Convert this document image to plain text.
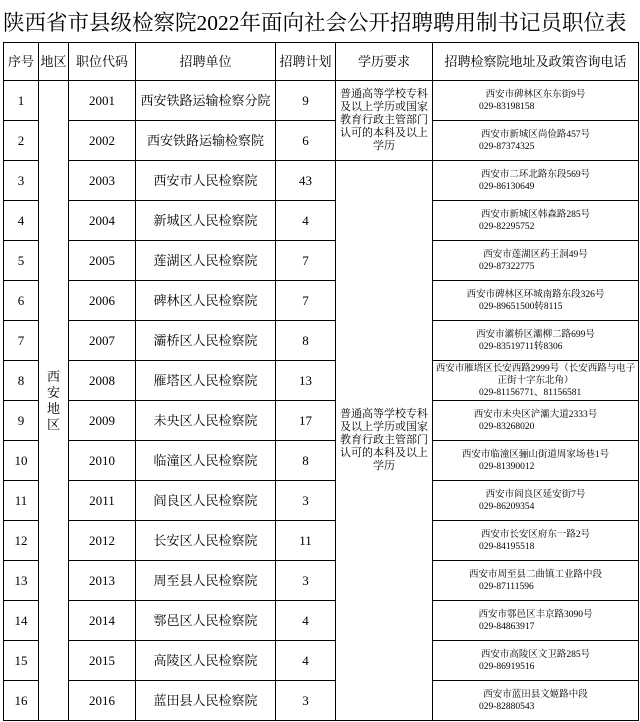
陕西省市县级检察院2022年面向社会公开招聘聘用制书记员职位表
序号	地区	职位代码	招聘单位	招聘计划	学历要求	招聘检察院地址及政策咨询电话
1	西安地区	2001	西安铁路运输检察分院	9	普通高等学校专科及以上学历或国家教育行政主管部门认可的本科及以上学历	西安市碑林区东东街9号
029-83198158

2		2002	西安铁路运输检察院	6		西安市新城区尚俭路457号
029-87374325

3		2003	西安市人民检察院	43	普通高等学校专科及以上学历或国家教育行政主管部门认可的本科及以上学历	西安市二环北路东段569号
029-86130649

4		2004	新城区人民检察院	4		西安市新城区韩森路285号
029-82295752

5		2005	莲湖区人民检察院	7		西安市莲湖区药王洞49号
029-87322775

6		2006	碑林区人民检察院	7		西安市碑林区环城南路东段326号
029-89651500转8115

7		2007	灞桥区人民检察院	8		西安市灞桥区灞柳二路699号
029-83519711转8306

8		2008	雁塔区人民检察院	13		西安市雁塔区长安西路2999号（长安西路与电子正街十字东北角）
029-81156771、81156581

9		2009	未央区人民检察院	17		西安市未央区浐灞大道2333号
029-83268020

10		2010	临潼区人民检察院	8		西安市临潼区骊山街道周家场巷1号
029-81390012

11		2011	阎良区人民检察院	3		西安市阎良区延安街7号
029-86209354

12		2012	长安区人民检察院	11		西安市长安区府东一路2号
029-84195518

13		2013	周至县人民检察院	3		西安市周至县二曲镇工业路中段
029-87111596

14		2014	鄠邑区人民检察院	4		西安市鄠邑区丰京路3090号
029-84863917

15		2015	高陵区人民检察院	4		西安市高陵区文卫路285号
029-86919516

16		2016	蓝田县人民检察院	3		西安市蓝田县文姬路中段
029-82880543
